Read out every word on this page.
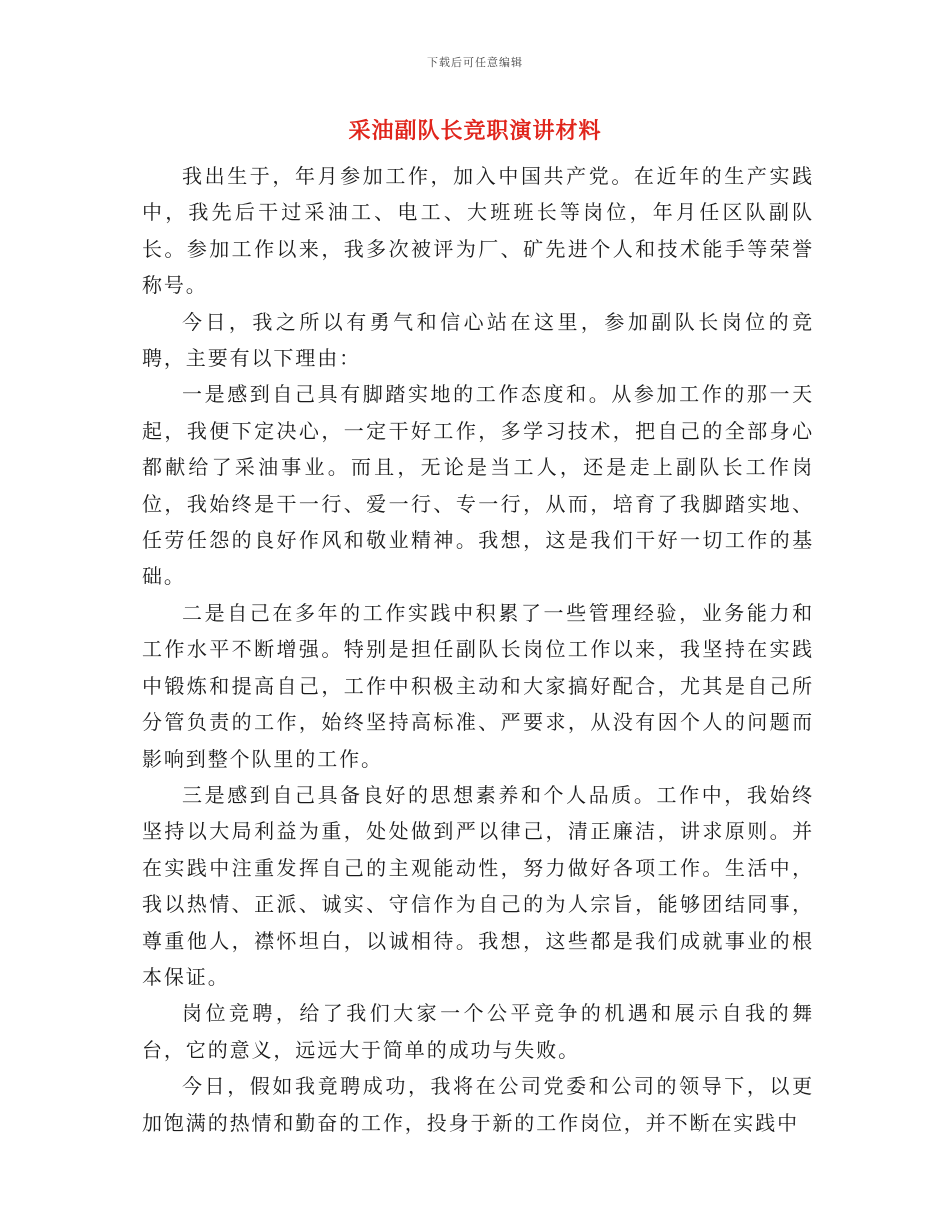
下载后可任意编辑
采油副队长竞职演讲材料

我出生于，年月参加工作，加入中国共产党。在近年的生产实践中，我先后干过采油工、电工、大班班长等岗位，年月任区队副队长。参加工作以来，我多次被评为厂、矿先进个人和技术能手等荣誉称号。

今日，我之所以有勇气和信心站在这里，参加副队长岗位的竞聘，主要有以下理由：

一是感到自己具有脚踏实地的工作态度和。从参加工作的那一天起，我便下定决心，一定干好工作，多学习技术，把自己的全部身心都献给了采油事业。而且，无论是当工人，还是走上副队长工作岗位，我始终是干一行、爱一行、专一行，从而，培育了我脚踏实地、任劳任怨的良好作风和敬业精神。我想，这是我们干好一切工作的基础。

二是自己在多年的工作实践中积累了一些管理经验，业务能力和工作水平不断增强。特别是担任副队长岗位工作以来，我坚持在实践中锻炼和提高自己，工作中积极主动和大家搞好配合，尤其是自己所分管负责的工作，始终坚持高标准、严要求，从没有因个人的问题而影响到整个队里的工作。

三是感到自己具备良好的思想素养和个人品质。工作中，我始终坚持以大局利益为重，处处做到严以律己，清正廉洁，讲求原则。并在实践中注重发挥自己的主观能动性，努力做好各项工作。生活中，我以热情、正派、诚实、守信作为自己的为人宗旨，能够团结同事，尊重他人，襟怀坦白，以诚相待。我想，这些都是我们成就事业的根本保证。

岗位竞聘，给了我们大家一个公平竞争的机遇和展示自我的舞台，它的意义，远远大于简单的成功与失败。

今日，假如我竟聘成功，我将在公司党委和公司的领导下，以更加饱满的热情和勤奋的工作，投身于新的工作岗位，并不断在实践中
